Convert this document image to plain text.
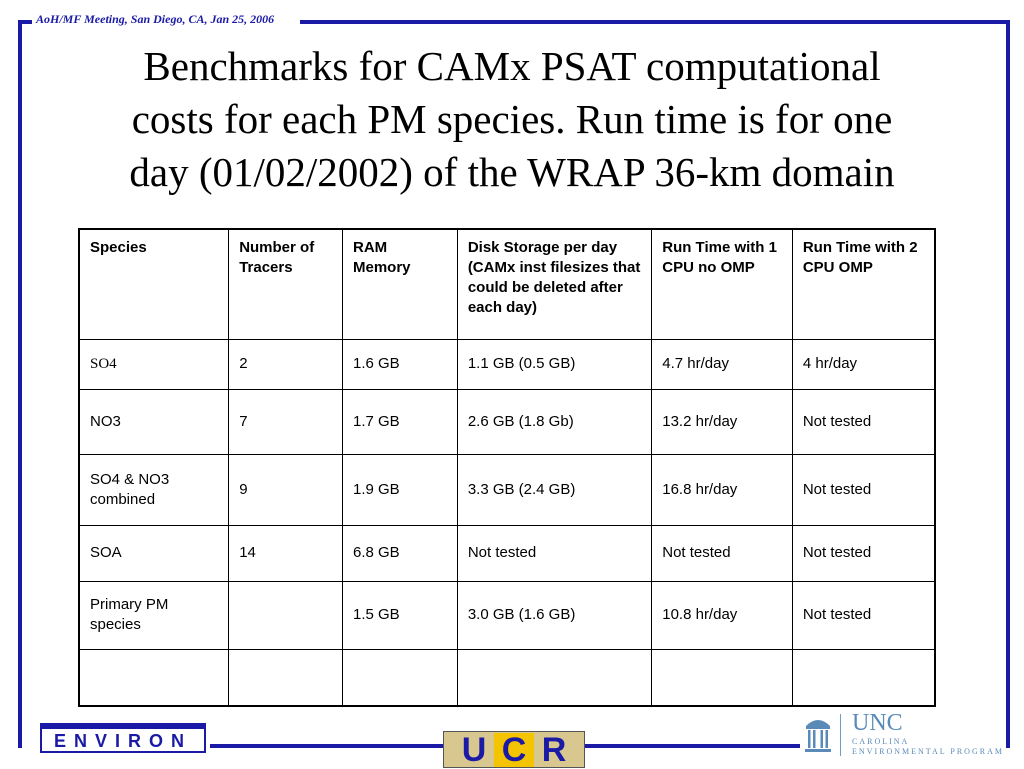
AoH/MF Meeting, San Diego, CA, Jan 25, 2006
Benchmarks for CAMx PSAT computational
costs for each PM species. Run time is for one
day (01/02/2002) of the WRAP 36-km domain
Species	Number of Tracers	RAM Memory	Disk Storage per day (CAMx inst filesizes that could be deleted after each day)	Run Time with 1 CPU no OMP	Run Time with 2 CPU OMP
SO4	2	1.6 GB	1.1 GB (0.5 GB)	4.7 hr/day	4 hr/day
NO3	7	1.7 GB	2.6 GB (1.8 Gb)	13.2 hr/day	Not tested
SO4 & NO3 combined	9	1.9 GB	3.3 GB (2.4 GB)	16.8 hr/day	Not tested
SOA	14	6.8 GB	Not tested	Not tested	Not tested
Primary PM species		1.5 GB	3.0 GB (1.6 GB)	10.8 hr/day	Not tested

ENVIRON	U C R
UNC
CAROLINA
ENVIRONMENTAL PROGRAM
